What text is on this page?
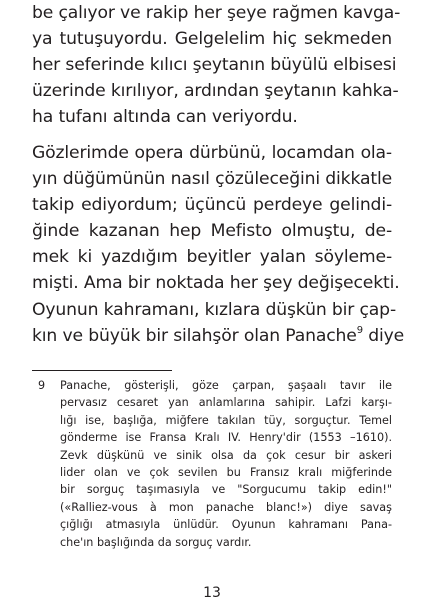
be çalıyor ve rakip her şeye rağmen kavga-
ya tutuşuyordu. Gelgelelim hiç sekmeden
her seferinde kılıcı şeytanın büyülü elbisesi
üzerinde kırılıyor, ardından şeytanın kahka-
ha tufanı altında can veriyordu.
Gözlerimde opera dürbünü, locamdan ola-
yın düğümünün nasıl çözüleceğini dikkatle
takip ediyordum; üçüncü perdeye gelindi-
ğinde kazanan hep Mefisto olmuştu, de-
mek ki yazdığım beyitler yalan söyleme-
mişti. Ama bir noktada her şey değişecekti.
Oyunun kahramanı, kızlara düşkün bir çap-
kın ve büyük bir silahşör olan Panache$^9$ diye
9 Panache, gösterişli, göze çarpan, şaşaalı tavır ile
pervasız cesaret yan anlamlarına sahipir. Lafzi karşı-
lığı ise, başlığa, miğfere takılan tüy, sorguçtur. Temel
gönderme ise Fransa Kralı IV. Henry'dir (1553 –1610).
Zevk düşkünü ve sinik olsa da çok cesur bir askeri
lider olan ve çok sevilen bu Fransız kralı miğferinde
bir sorguç taşımasıyla ve "Sorgucumu takip edin!"
(«Ralliez-vous à mon panache blanc!») diye savaş
çığlığı atmasıyla ünlüdür. Oyunun kahramanı Pana-
che'ın başlığında da sorguç vardır.
13
